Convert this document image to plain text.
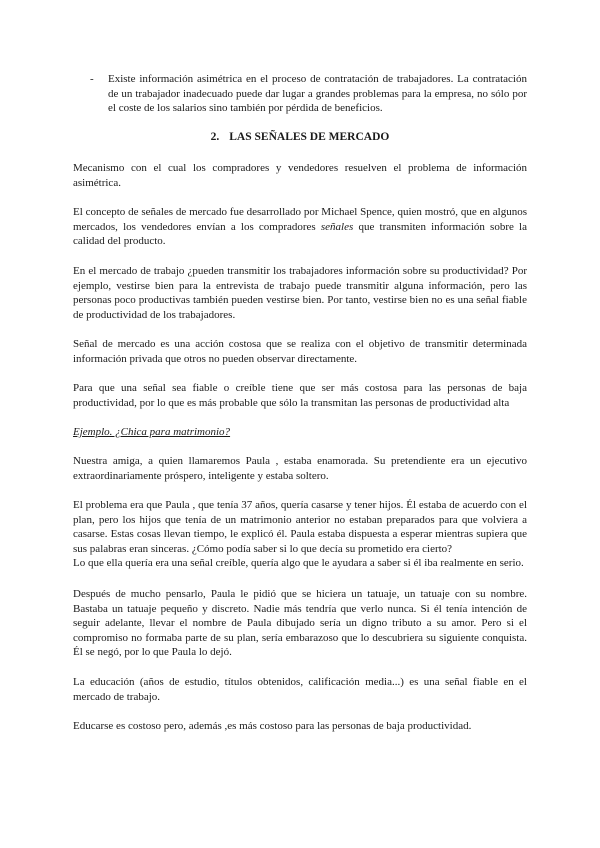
-	Existe información asimétrica en el proceso de contratación de trabajadores. La contratación de un trabajador inadecuado puede dar lugar a grandes problemas para la empresa, no sólo por el coste de los salarios sino también por pérdida de beneficios.

2. LAS SEÑALES DE MERCADO

Mecanismo con el cual los compradores y vendedores resuelven el problema de información asimétrica.

El concepto de señales de mercado fue desarrollado por Michael Spence, quien mostró, que en algunos mercados, los vendedores envían a los compradores señales que transmiten información sobre la calidad del producto.

En el mercado de trabajo ¿pueden transmitir los trabajadores información sobre su productividad? Por ejemplo, vestirse bien para la entrevista de trabajo puede transmitir alguna información, pero las personas poco productivas también pueden vestirse bien. Por tanto, vestirse bien no es una señal fiable de productividad de los trabajadores.

Señal de mercado es una acción costosa que se realiza con el objetivo de transmitir determinada información privada que otros no pueden observar directamente.

Para que una señal sea fiable o creíble tiene que ser más costosa para las personas de baja productividad, por lo que es más probable que sólo la transmitan las personas de productividad alta

Ejemplo. ¿Chica para matrimonio?

Nuestra amiga, a quien llamaremos Paula , estaba enamorada. Su pretendiente era un ejecutivo extraordinariamente próspero, inteligente y estaba soltero.

El problema era que Paula , que tenía 37 años, quería casarse y tener hijos. Él estaba de acuerdo con el plan, pero los hijos que tenía de un matrimonio anterior no estaban preparados para que volviera a casarse. Estas cosas llevan tiempo, le explicó él. Paula estaba dispuesta a esperar mientras supiera que sus palabras eran sinceras. ¿Cómo podía saber si lo que decía su prometido era cierto?

Lo que ella quería era una señal creíble, quería algo que le ayudara a saber si él iba realmente en serio.

Después de mucho pensarlo, Paula le pidió que se hiciera un tatuaje, un tatuaje con su nombre. Bastaba un tatuaje pequeño y discreto. Nadie más tendría que verlo nunca. Si él tenía intención de seguir adelante, llevar el nombre de Paula dibujado sería un digno tributo a su amor. Pero si el compromiso no formaba parte de su plan, sería embarazoso que lo descubriera su siguiente conquista. Él se negó, por lo que Paula lo dejó.

La educación (años de estudio, títulos obtenidos, calificación media...) es una señal fiable en el mercado de trabajo.

Educarse es costoso pero, además ,es más costoso para las personas de baja productividad.
